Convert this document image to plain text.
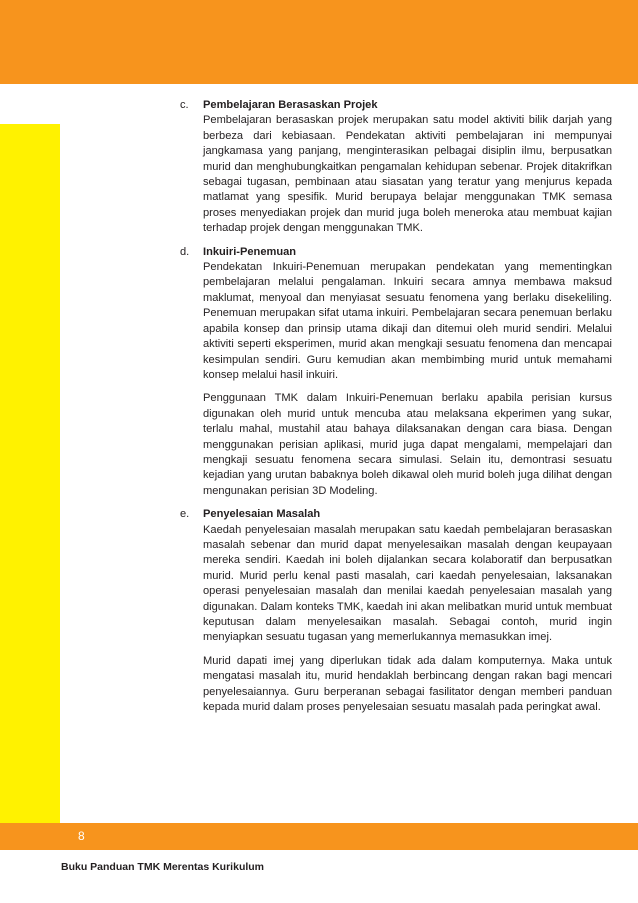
8
Buku Panduan TMK Merentas Kurikulum
c. Pembelajaran Berasaskan Projek

Pembelajaran berasaskan projek merupakan satu model aktiviti bilik darjah yang berbeza dari kebiasaan. Pendekatan aktiviti pembelajaran ini mempunyai jangkamasa yang panjang, menginterasikan pelbagai disiplin ilmu, berpusatkan murid dan menghubungkaitkan pengamalan kehidupan sebenar. Projek ditakrifkan sebagai tugasan, pembinaan atau siasatan yang teratur yang menjurus kepada matlamat yang spesifik. Murid berupaya belajar menggunakan TMK semasa proses menyediakan projek dan murid juga boleh meneroka atau membuat kajian terhadap projek dengan menggunakan TMK.

d. Inkuiri-Penemuan

Pendekatan Inkuiri-Penemuan merupakan pendekatan yang mementingkan pembelajaran melalui pengalaman. Inkuiri secara amnya membawa maksud maklumat, menyoal dan menyiasat sesuatu fenomena yang berlaku disekeliling. Penemuan merupakan sifat utama inkuiri. Pembelajaran secara penemuan berlaku apabila konsep dan prinsip utama dikaji dan ditemui oleh murid sendiri. Melalui aktiviti seperti eksperimen, murid akan mengkaji sesuatu fenomena dan mencapai kesimpulan sendiri. Guru kemudian akan membimbing murid untuk memahami konsep melalui hasil inkuiri.

Penggunaan TMK dalam Inkuiri-Penemuan berlaku apabila perisian kursus digunakan oleh murid untuk mencuba atau melaksana ekperimen yang sukar, terlalu mahal, mustahil atau bahaya dilaksanakan dengan cara biasa. Dengan menggunakan perisian aplikasi, murid juga dapat mengalami, mempelajari dan mengkaji sesuatu fenomena secara simulasi. Selain itu, demontrasi sesuatu kejadian yang urutan babaknya boleh dikawal oleh murid boleh juga dilihat dengan mengunakan perisian 3D Modeling.

e. Penyelesaian Masalah

Kaedah penyelesaian masalah merupakan satu kaedah pembelajaran berasaskan masalah sebenar dan murid dapat menyelesaikan masalah dengan keupayaan mereka sendiri. Kaedah ini boleh dijalankan secara kolaboratif dan berpusatkan murid. Murid perlu kenal pasti masalah, cari kaedah penyelesaian, laksanakan operasi penyelesaian masalah dan menilai kaedah penyelesaian masalah yang digunakan. Dalam konteks TMK, kaedah ini akan melibatkan murid untuk membuat keputusan dalam menyelesaikan masalah. Sebagai contoh, murid ingin menyiapkan sesuatu tugasan yang memerlukannya memasukkan imej.

Murid dapati imej yang diperlukan tidak ada dalam komputernya. Maka untuk mengatasi masalah itu, murid hendaklah berbincang dengan rakan bagi mencari penyelesaiannya. Guru berperanan sebagai fasilitator dengan memberi panduan kepada murid dalam proses penyelesaian sesuatu masalah pada peringkat awal.
